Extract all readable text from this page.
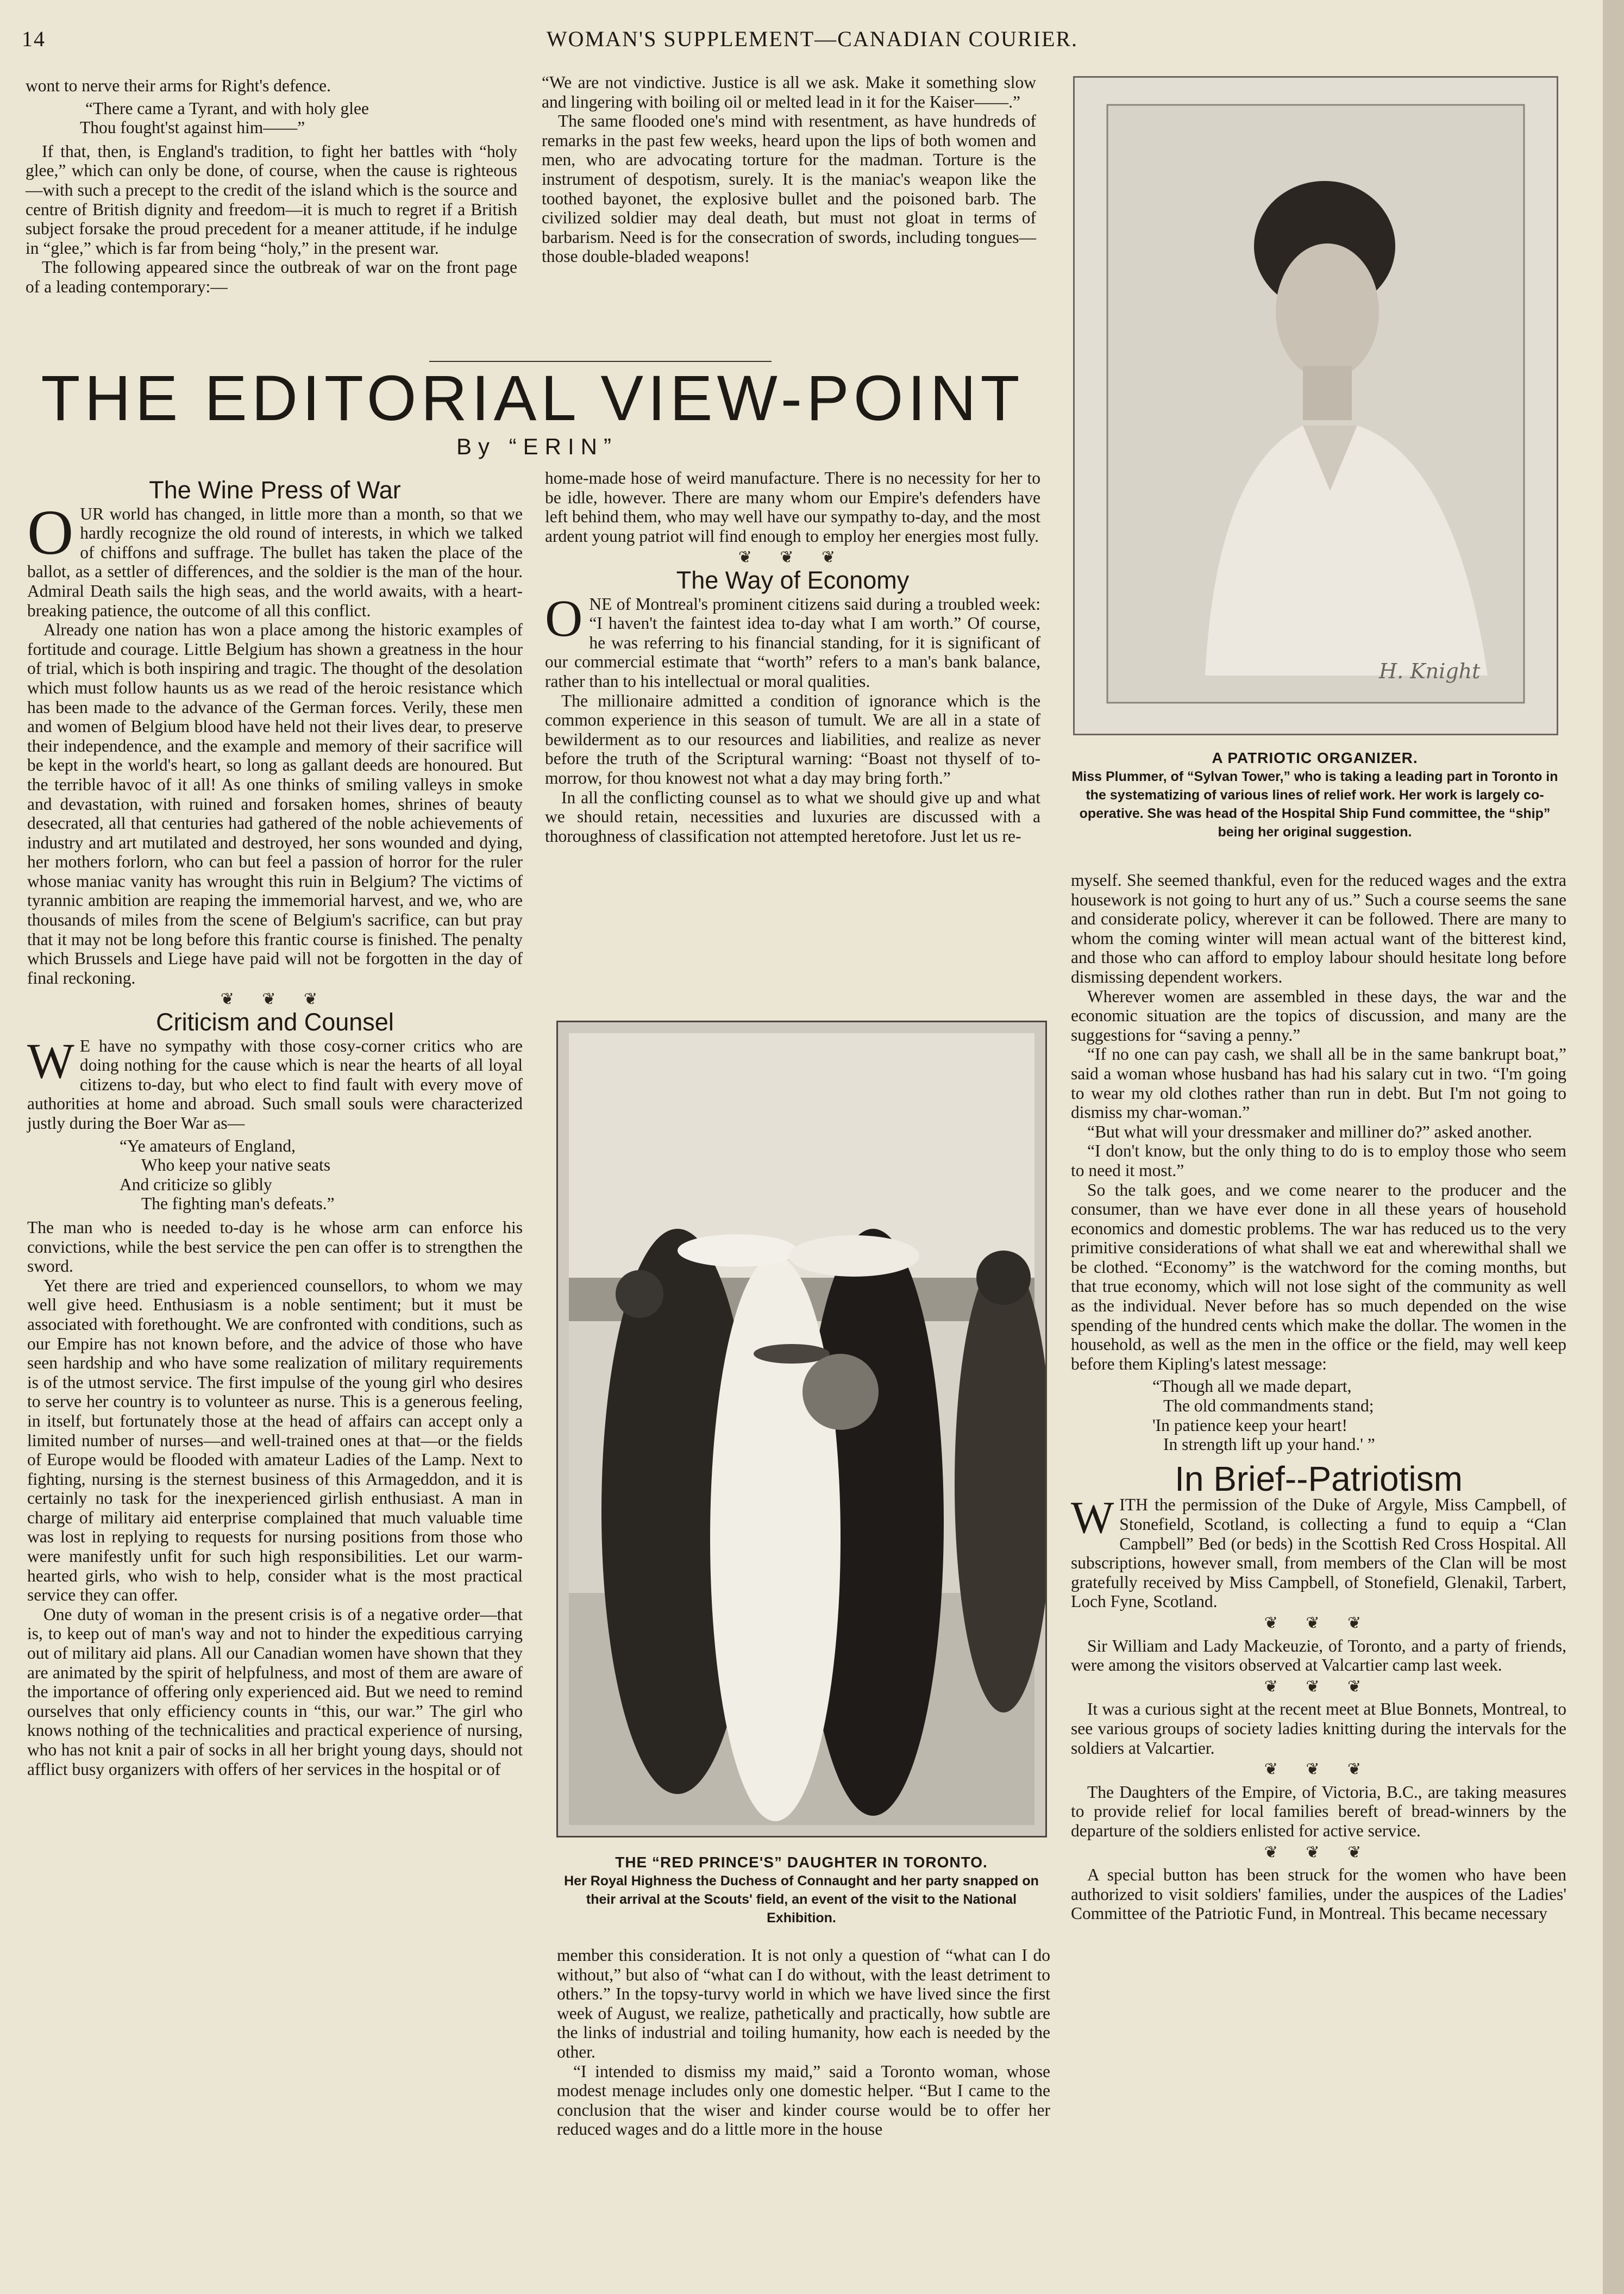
14	WOMAN'S SUPPLEMENT—CANADIAN COURIER.

wont to nerve their arms for Right's defence.

“There came a Tyrant, and with holy glee
Thou fought'st against him——”

If that, then, is England's tradition, to fight her battles with “holy glee,” which can only be done, of course, when the cause is righteous—with such a precept to the credit of the island which is the source and centre of British dignity and freedom—it is much to regret if a British subject forsake the proud precedent for a meaner attitude, if he indulge in “glee,” which is far from being “holy,” in the present war.

The following appeared since the outbreak of war on the front page of a leading contemporary:—

“We are not vindictive. Justice is all we ask. Make it something slow and lingering with boiling oil or melted lead in it for the Kaiser——.”

The same flooded one's mind with resentment, as have hundreds of remarks in the past few weeks, heard upon the lips of both women and men, who are advocating torture for the madman. Torture is the instrument of despotism, surely. It is the maniac's weapon like the toothed bayonet, the explosive bullet and the poisoned barb. The civilized soldier may deal death, but must not gloat in terms of barbarism. Need is for the consecration of swords, including tongues—those double-bladed weapons!

THE EDITORIAL VIEW-POINT
By “ERIN”
The Wine Press of War

OUR world has changed, in little more than a month, so that we hardly recognize the old round of interests, in which we talked of chiffons and suffrage. The bullet has taken the place of the ballot, as a settler of differences, and the soldier is the man of the hour. Admiral Death sails the high seas, and the world awaits, with a heart-breaking patience, the outcome of all this conflict.

Already one nation has won a place among the historic examples of fortitude and courage. Little Belgium has shown a greatness in the hour of trial, which is both inspiring and tragic. The thought of the desolation which must follow haunts us as we read of the heroic resistance which has been made to the advance of the German forces. Verily, these men and women of Belgium blood have held not their lives dear, to preserve their independence, and the example and memory of their sacrifice will be kept in the world's heart, so long as gallant deeds are honoured. But the terrible havoc of it all! As one thinks of smiling valleys in smoke and devastation, with ruined and forsaken homes, shrines of beauty desecrated, all that centuries had gathered of the noble achievements of industry and art mutilated and destroyed, her sons wounded and dying, her mothers forlorn, who can but feel a passion of horror for the ruler whose maniac vanity has wrought this ruin in Belgium? The victims of tyrannic ambition are reaping the immemorial harvest, and we, who are thousands of miles from the scene of Belgium's sacrifice, can but pray that it may not be long before this frantic course is finished. The penalty which Brussels and Liege have paid will not be forgotten in the day of final reckoning.

❦ ❦ ❦
Criticism and Counsel

W E have no sympathy with those cosy-corner critics who are doing nothing for the cause which is near the hearts of all loyal citizens to-day, but who elect to find fault with every move of authorities at home and abroad. Such small souls were characterized justly during the Boer War as—

“Ye amateurs of England,
Who keep your native seats
And criticize so glibly
The fighting man's defeats.”

The man who is needed to-day is he whose arm can enforce his convictions, while the best service the pen can offer is to strengthen the sword.

Yet there are tried and experienced counsellors, to whom we may well give heed. Enthusiasm is a noble sentiment; but it must be associated with forethought. We are confronted with conditions, such as our Empire has not known before, and the advice of those who have seen hardship and who have some realization of military requirements is of the utmost service. The first impulse of the young girl who desires to serve her country is to volunteer as nurse. This is a generous feeling, in itself, but fortunately those at the head of affairs can accept only a limited number of nurses—and well-trained ones at that—or the fields of Europe would be flooded with amateur Ladies of the Lamp. Next to fighting, nursing is the sternest business of this Armageddon, and it is certainly no task for the inexperienced girlish enthusiast. A man in charge of military aid enterprise complained that much valuable time was lost in replying to requests for nursing positions from those who were manifestly unfit for such high responsibilities. Let our warm-hearted girls, who wish to help, consider what is the most practical service they can offer.

One duty of woman in the present crisis is of a negative order—that is, to keep out of man's way and not to hinder the expeditious carrying out of military aid plans. All our Canadian women have shown that they are animated by the spirit of helpfulness, and most of them are aware of the importance of offering only experienced aid. But we need to remind ourselves that only efficiency counts in “this, our war.” The girl who knows nothing of the technicalities and practical experience of nursing, who has not knit a pair of socks in all her bright young days, should not afflict busy organizers with offers of her services in the hospital or of

home-made hose of weird manufacture. There is no necessity for her to be idle, however. There are many whom our Empire's defenders have left behind them, who may well have our sympathy to-day, and the most ardent young patriot will find enough to employ her energies most fully.

❦ ❦ ❦
The Way of Economy

ONE of Montreal's prominent citizens said during a troubled week: “I haven't the faintest idea to-day what I am worth.” Of course, he was referring to his financial standing, for it is significant of our commercial estimate that “worth” refers to a man's bank balance, rather than to his intellectual or moral qualities.

The millionaire admitted a condition of ignorance which is the common experience in this season of tumult. We are all in a state of bewilderment as to our resources and liabilities, and realize as never before the truth of the Scriptural warning: “Boast not thyself of to-morrow, for thou knowest not what a day may bring forth.”

In all the conflicting counsel as to what we should give up and what we should retain, necessities and luxuries are discussed with a thoroughness of classification not attempted heretofore. Just let us re-

THE “RED PRINCE'S” DAUGHTER IN TORONTO.
Her Royal Highness the Duchess of Connaught and her party snapped on their arrival at the Scouts' field, an event of the visit to the National Exhibition.

member this consideration. It is not only a question of “what can I do without,” but also of “what can I do without, with the least detriment to others.” In the topsy-turvy world in which we have lived since the first week of August, we realize, pathetically and practically, how subtle are the links of industrial and toiling humanity, how each is needed by the other.

“I intended to dismiss my maid,” said a Toronto woman, whose modest menage includes only one domestic helper. “But I came to the conclusion that the wiser and kinder course would be to offer her reduced wages and do a little more in the house

H. Knight
A PATRIOTIC ORGANIZER.
Miss Plummer, of “Sylvan Tower,” who is taking a leading part in Toronto in the systematizing of various lines of relief work. Her work is largely co-operative. She was head of the Hospital Ship Fund committee, the “ship” being her original suggestion.

myself. She seemed thankful, even for the reduced wages and the extra housework is not going to hurt any of us.” Such a course seems the sane and considerate policy, wherever it can be followed. There are many to whom the coming winter will mean actual want of the bitterest kind, and those who can afford to employ labour should hesitate long before dismissing dependent workers.

Wherever women are assembled in these days, the war and the economic situation are the topics of discussion, and many are the suggestions for “saving a penny.”

“If no one can pay cash, we shall all be in the same bankrupt boat,” said a woman whose husband has had his salary cut in two. “I'm going to wear my old clothes rather than run in debt. But I'm not going to dismiss my char-woman.”

“But what will your dressmaker and milliner do?” asked another.

“I don't know, but the only thing to do is to employ those who seem to need it most.”

So the talk goes, and we come nearer to the producer and the consumer, than we have ever done in all these years of household economics and domestic problems. The war has reduced us to the very primitive considerations of what shall we eat and wherewithal shall we be clothed. “Economy” is the watchword for the coming months, but that true economy, which will not lose sight of the community as well as the individual. Never before has so much depended on the wise spending of the hundred cents which make the dollar. The women in the household, as well as the men in the office or the field, may well keep before them Kipling's latest message:

“Though all we made depart,
The old commandments stand;
'In patience keep your heart!
In strength lift up your hand.' ”
In Brief--Patriotism

WITH the permission of the Duke of Argyle, Miss Campbell, of Stonefield, Scotland, is collecting a fund to equip a “Clan Campbell” Bed (or beds) in the Scottish Red Cross Hospital. All subscriptions, however small, from members of the Clan will be most gratefully received by Miss Campbell, of Stonefield, Glenakil, Tarbert, Loch Fyne, Scotland.

❦ ❦ ❦

Sir William and Lady Mackeuzie, of Toronto, and a party of friends, were among the visitors observed at Valcartier camp last week.

❦ ❦ ❦

It was a curious sight at the recent meet at Blue Bonnets, Montreal, to see various groups of society ladies knitting during the intervals for the soldiers at Valcartier.

❦ ❦ ❦

The Daughters of the Empire, of Victoria, B.C., are taking measures to provide relief for local families bereft of bread-winners by the departure of the soldiers enlisted for active service.

❦ ❦ ❦

A special button has been struck for the women who have been authorized to visit soldiers' families, under the auspices of the Ladies' Committee of the Patriotic Fund, in Montreal. This became necessary
